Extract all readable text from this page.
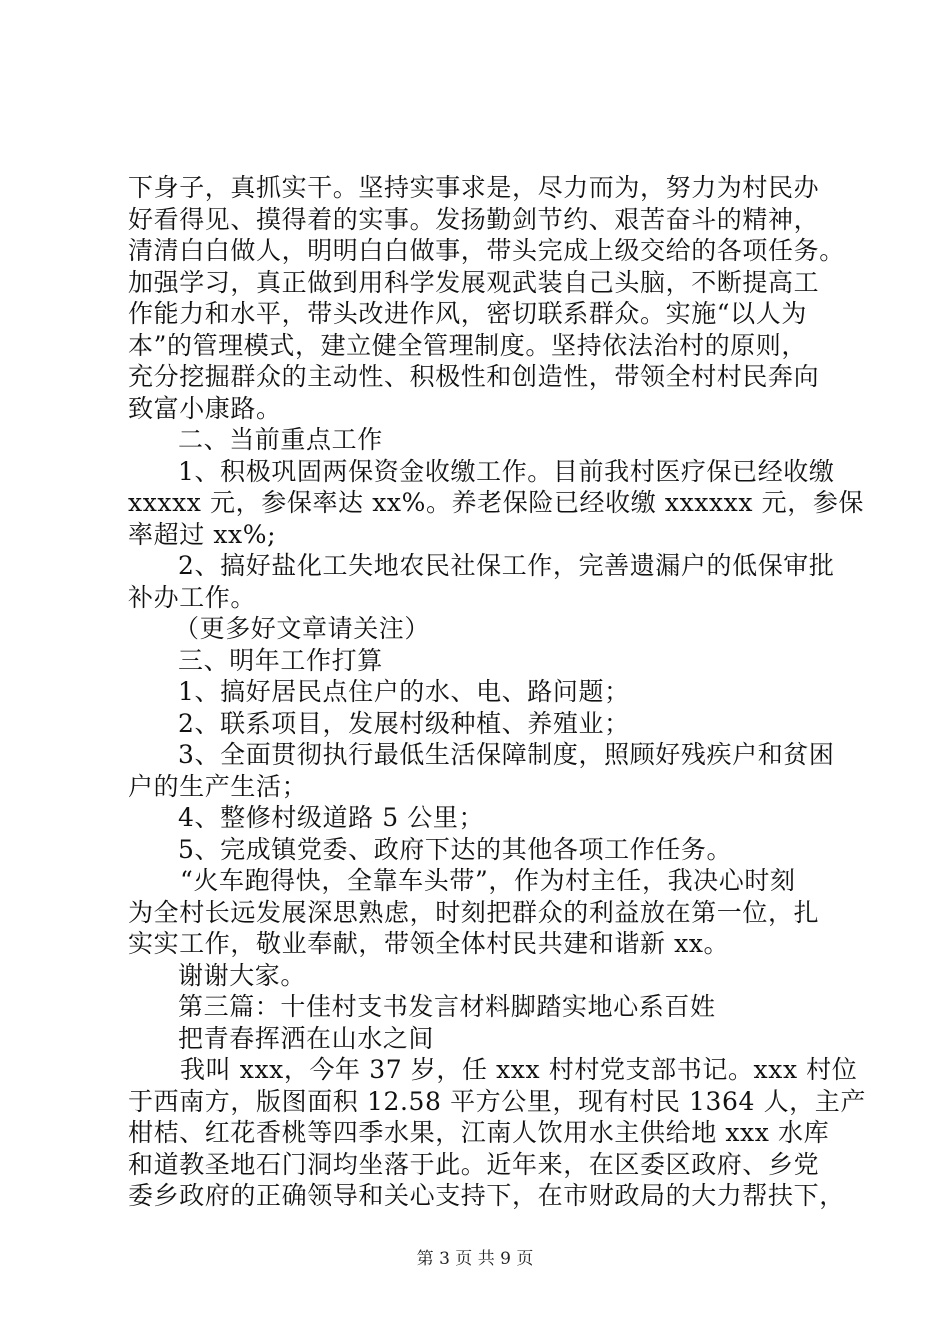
下身子，真抓实干。坚持实事求是，尽力而为，努力为村民办
好看得见、摸得着的实事。发扬勤剑节约、艰苦奋斗的精神，
清清白白做人，明明白白做事，带头完成上级交给的各项任务。
加强学习，真正做到用科学发展观武装自己头脑，不断提高工
作能力和水平，带头改进作风，密切联系群众。实施“以人为
本”的管理模式，建立健全管理制度。坚持依法治村的原则，
充分挖掘群众的主动性、积极性和创造性，带领全村村民奔向
致富小康路。
二、当前重点工作
1、积极巩固两保资金收缴工作。目前我村医疗保已经收缴
xxxxx 元，参保率达 xx%。养老保险已经收缴 xxxxxx 元，参保
率超过 xx%;
2、搞好盐化工失地农民社保工作，完善遗漏户的低保审批
补办工作。
（更多好文章请关注）
三、明年工作打算
1、搞好居民点住户的水、电、路问题；
2、联系项目，发展村级种植、养殖业；
3、全面贯彻执行最低生活保障制度，照顾好残疾户和贫困
户的生产生活；
4、整修村级道路 5 公里；
5、完成镇党委、政府下达的其他各项工作任务。
“火车跑得快，全靠车头带”，作为村主任，我决心时刻
为全村长远发展深思熟虑，时刻把群众的利益放在第一位，扎
实实工作，敬业奉献，带领全体村民共建和谐新 xx。
谢谢大家。
第三篇：十佳村支书发言材料脚踏实地心系百姓
把青春挥洒在山水之间
我叫 xxx，今年 37 岁，任 xxx 村村党支部书记。xxx 村位
于西南方，版图面积 12.58 平方公里，现有村民 1364 人，主产
柑桔、红花香桃等四季水果，江南人饮用水主供给地 xxx 水库
和道教圣地石门洞均坐落于此。近年来，在区委区政府、乡党
委乡政府的正确领导和关心支持下，在市财政局的大力帮扶下，
第 3 页 共 9 页
